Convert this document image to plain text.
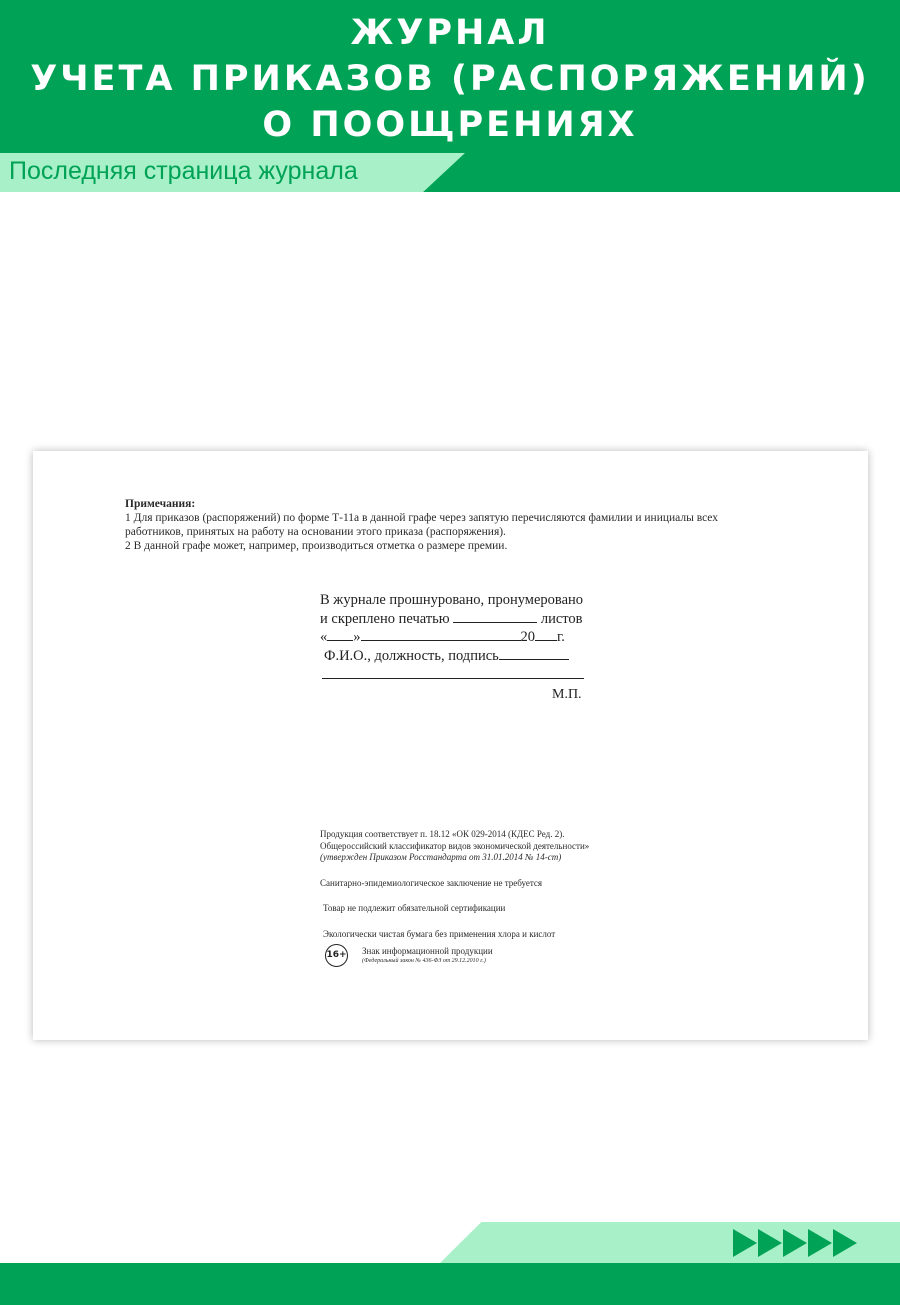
ЖУРНАЛ
УЧЕТА ПРИКАЗОВ (РАСПОРЯЖЕНИЙ)
О ПООЩРЕНИЯХ
Последняя страница журнала
Примечания:
1 Для приказов (распоряжений) по форме Т-11а в данной графе через запятую перечисляются фамилии и инициалы всех работников, принятых на работу на основании этого приказа (распоряжения).
2 В данной графе может, например, производиться отметка о размере премии.
В журнале прошнуровано, пронумеровано
и скреплено печатью	листов
« »	20 г.
Ф.И.О., должность, подпись
М.П.
Продукция соответствует п. 18.12 «ОК 029-2014 (КДЕС Ред. 2).
Общероссийский классификатор видов экономической деятельности»
(утвержден Приказом Росстандарта от 31.01.2014 № 14-ст)
Санитарно-эпидемиологическое заключение не требуется
Товар не подлежит обязательной сертификации
Экологически чистая бумага без применения хлора и кислот
16+ Знак информационной продукции
(Федеральный закон № 436-ФЗ от 29.12.2010 г.)
